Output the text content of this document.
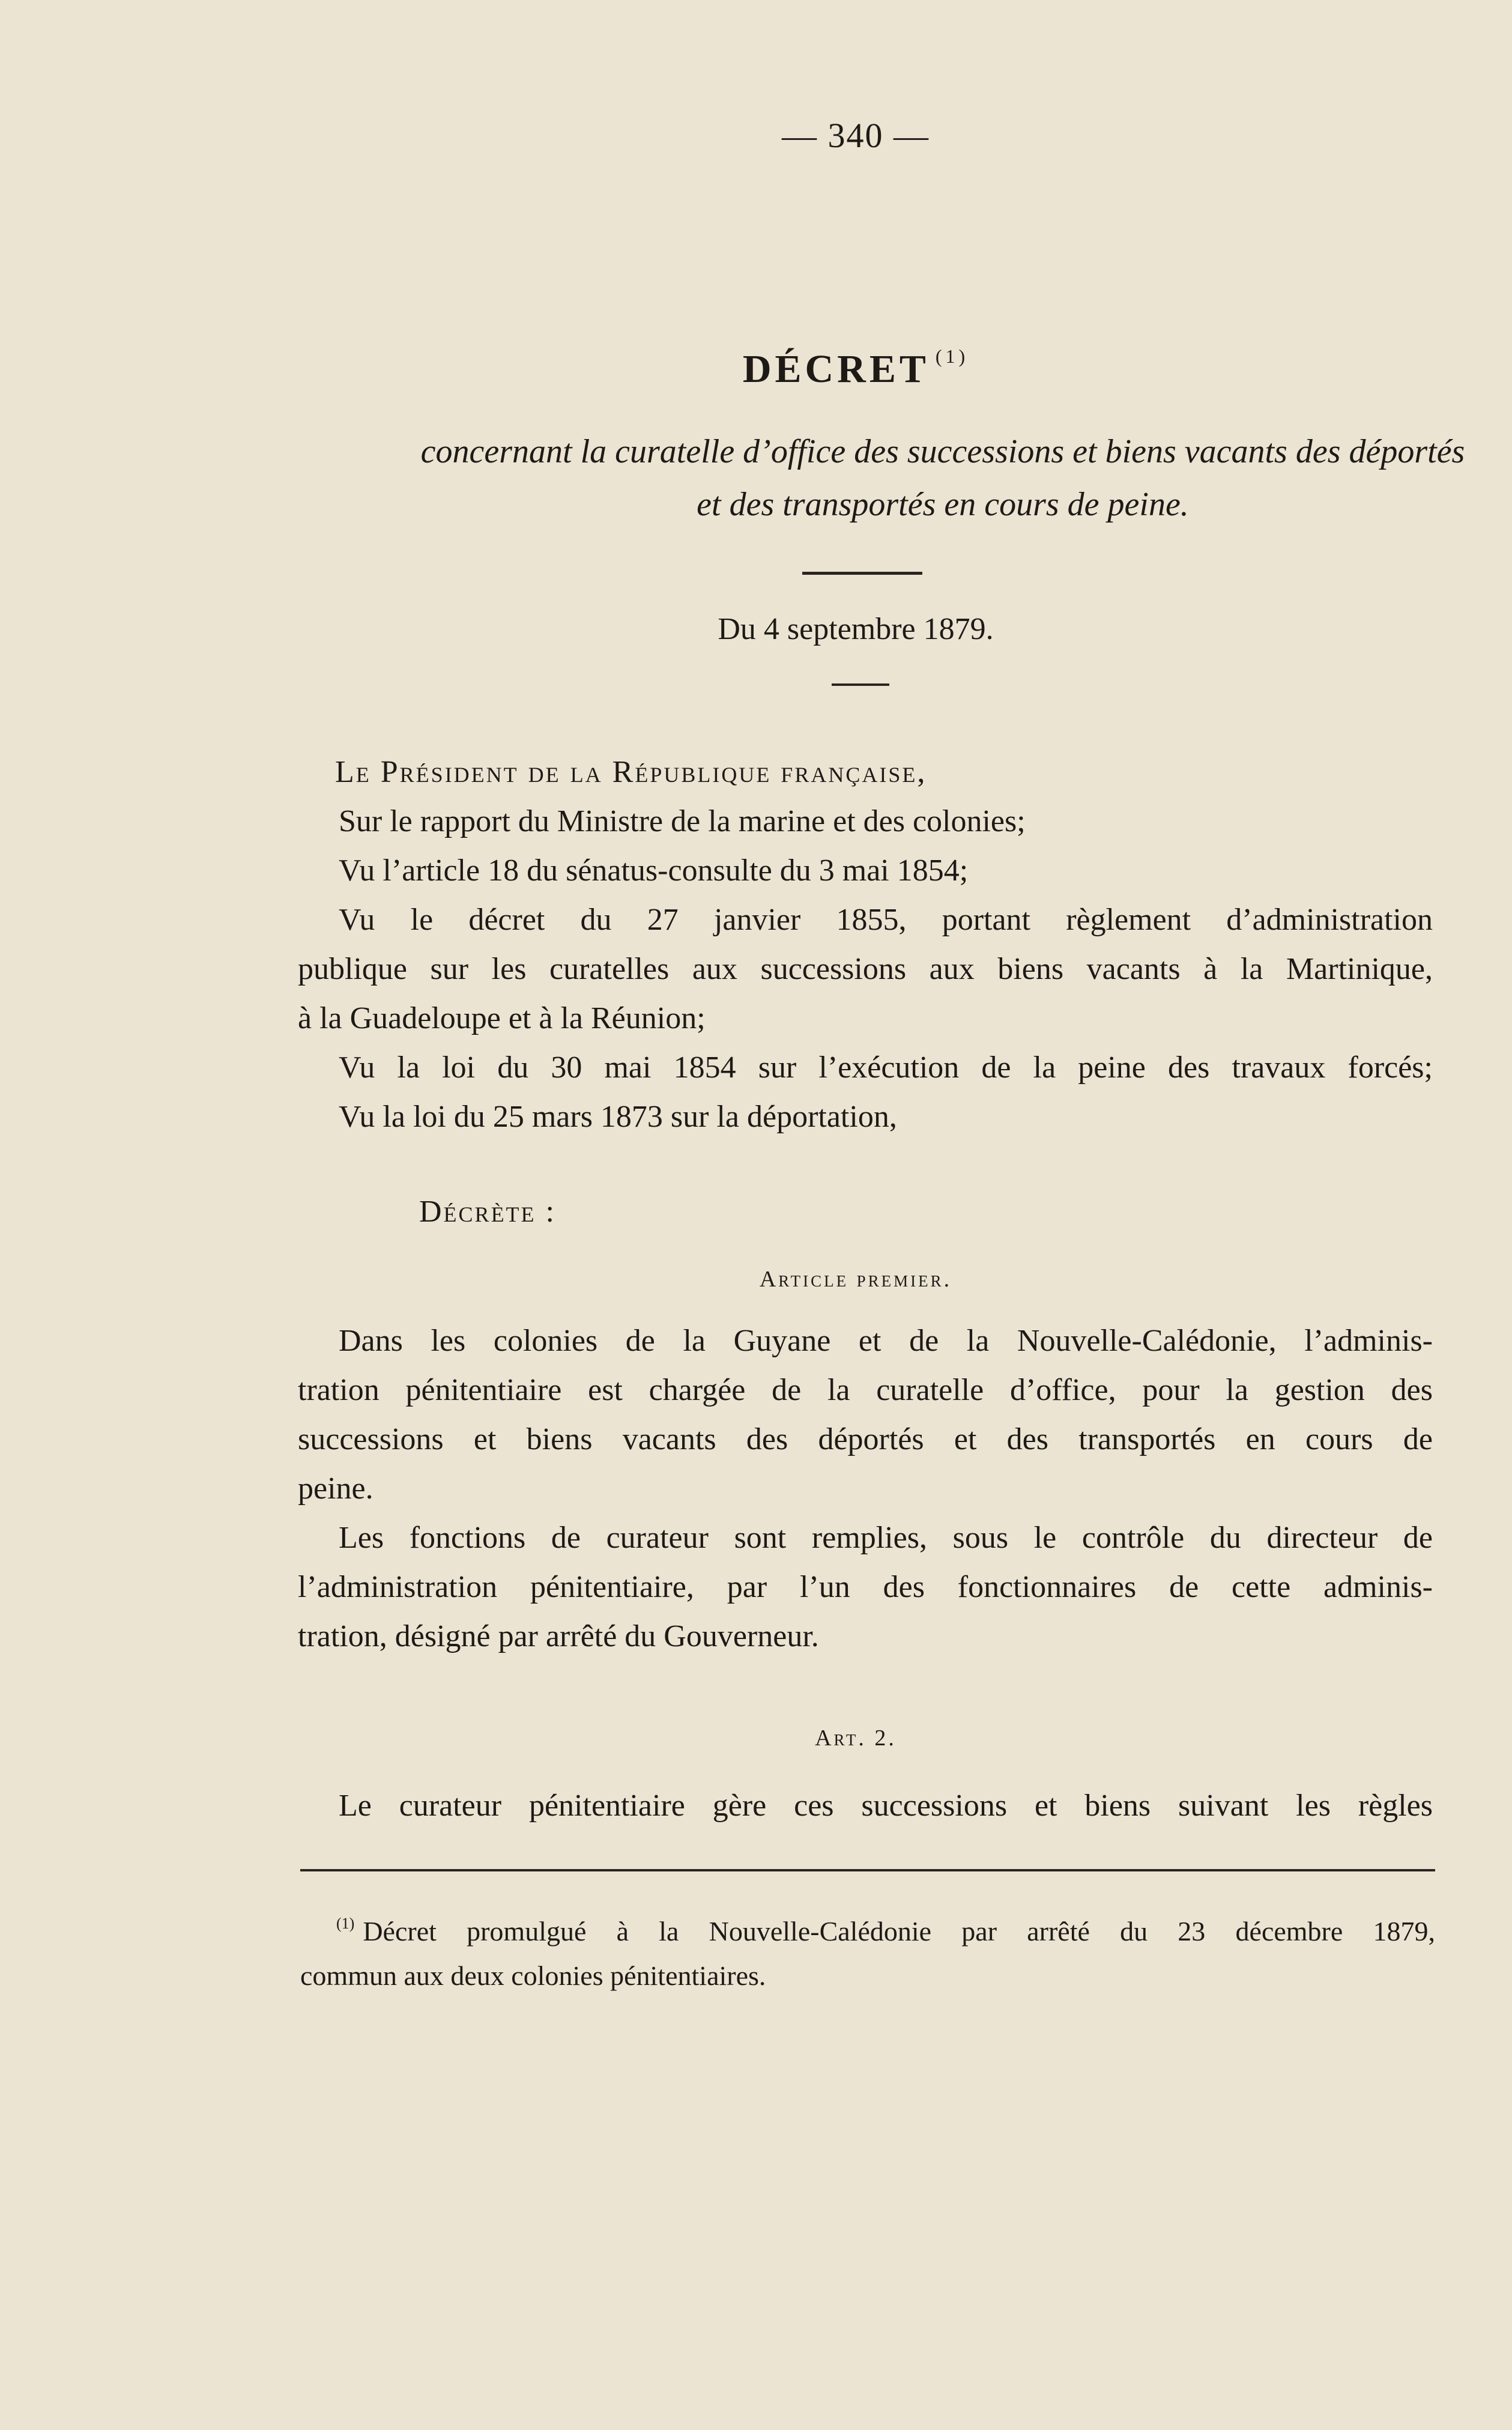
— 340 —
DÉCRET $^{(1)}$
concernant la curatelle d’office des successions et biens vacants des déportés
et des transportés en cours de peine.
Du 4 septembre 1879.
Le Président de la République française,
Sur le rapport du Ministre de la marine et des colonies;
Vu l’article 18 du sénatus-consulte du 3 mai 1854;
Vu le décret du 27 janvier 1855, portant règlement d’administration
publique sur les curatelles aux successions aux biens vacants à la Martinique,
à la Guadeloupe et à la Réunion;
Vu la loi du 30 mai 1854 sur l’exécution de la peine des travaux forcés;
Vu la loi du 25 mars 1873 sur la déportation,
Décrète :
Article premier.
Dans les colonies de la Guyane et de la Nouvelle-Calédonie, l’adminis-
tration pénitentiaire est chargée de la curatelle d’office, pour la gestion des
successions et biens vacants des déportés et des transportés en cours de
peine.
Les fonctions de curateur sont remplies, sous le contrôle du directeur de
l’administration pénitentiaire, par l’un des fonctionnaires de cette adminis-
tration, désigné par arrêté du Gouverneur.
Art. 2.
Le curateur pénitentiaire gère ces successions et biens suivant les règles
$^{(1)}$ Décret promulgué à la Nouvelle-Calédonie par arrêté du 23 décembre 1879,
commun aux deux colonies pénitentiaires.
